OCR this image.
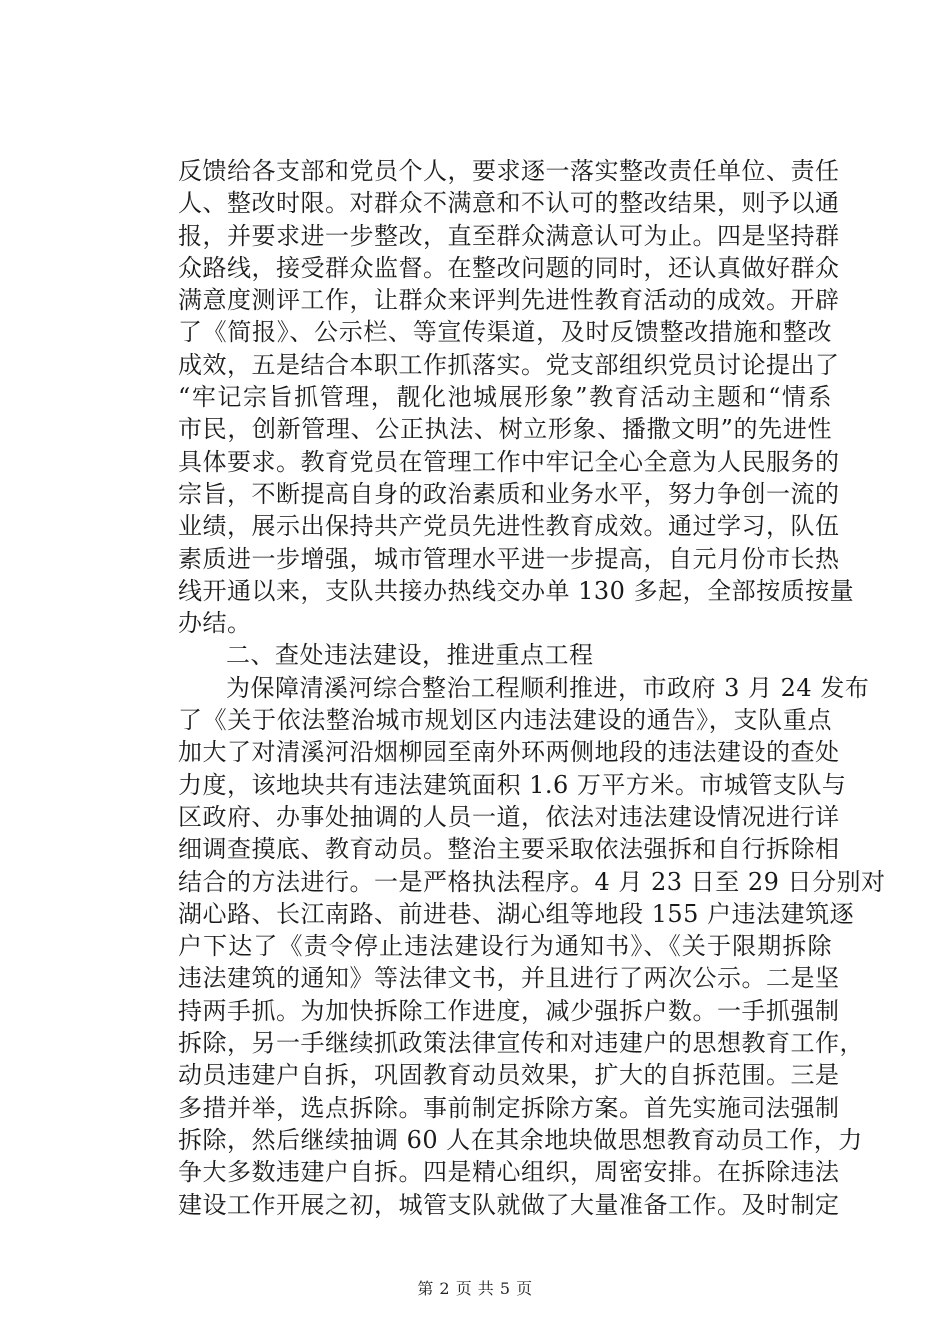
反馈给各支部和党员个人，要求逐一落实整改责任单位、责任
人、整改时限。对群众不满意和不认可的整改结果，则予以通
报，并要求进一步整改，直至群众满意认可为止。四是坚持群
众路线，接受群众监督。在整改问题的同时，还认真做好群众
满意度测评工作，让群众来评判先进性教育活动的成效。开辟
了《简报》、公示栏、等宣传渠道，及时反馈整改措施和整改
成效，五是结合本职工作抓落实。党支部组织党员讨论提出了
“牢记宗旨抓管理，靓化池城展形象”教育活动主题和“情系
市民，创新管理、公正执法、树立形象、播撒文明”的先进性
具体要求。教育党员在管理工作中牢记全心全意为人民服务的
宗旨，不断提高自身的政治素质和业务水平，努力争创一流的
业绩，展示出保持共产党员先进性教育成效。通过学习，队伍
素质进一步增强，城市管理水平进一步提高，自元月份市长热
线开通以来，支队共接办热线交办单 130 多起，全部按质按量
办结。
二、查处违法建设，推进重点工程
为保障清溪河综合整治工程顺利推进，市政府 3 月 24 发布
了《关于依法整治城市规划区内违法建设的通告》，支队重点
加大了对清溪河沿烟柳园至南外环两侧地段的违法建设的查处
力度，该地块共有违法建筑面积 1.6 万平方米。市城管支队与
区政府、办事处抽调的人员一道，依法对违法建设情况进行详
细调查摸底、教育动员。整治主要采取依法强拆和自行拆除相
结合的方法进行。一是严格执法程序。4 月 23 日至 29 日分别对
湖心路、长江南路、前进巷、湖心组等地段 155 户违法建筑逐
户下达了《责令停止违法建设行为通知书》、《关于限期拆除
违法建筑的通知》等法律文书，并且进行了两次公示。二是坚
持两手抓。为加快拆除工作进度，减少强拆户数。一手抓强制
拆除，另一手继续抓政策法律宣传和对违建户的思想教育工作，
动员违建户自拆，巩固教育动员效果，扩大的自拆范围。三是
多措并举，选点拆除。事前制定拆除方案。首先实施司法强制
拆除，然后继续抽调 60 人在其余地块做思想教育动员工作，力
争大多数违建户自拆。四是精心组织，周密安排。在拆除违法
建设工作开展之初，城管支队就做了大量准备工作。及时制定
第 2 页 共 5 页
